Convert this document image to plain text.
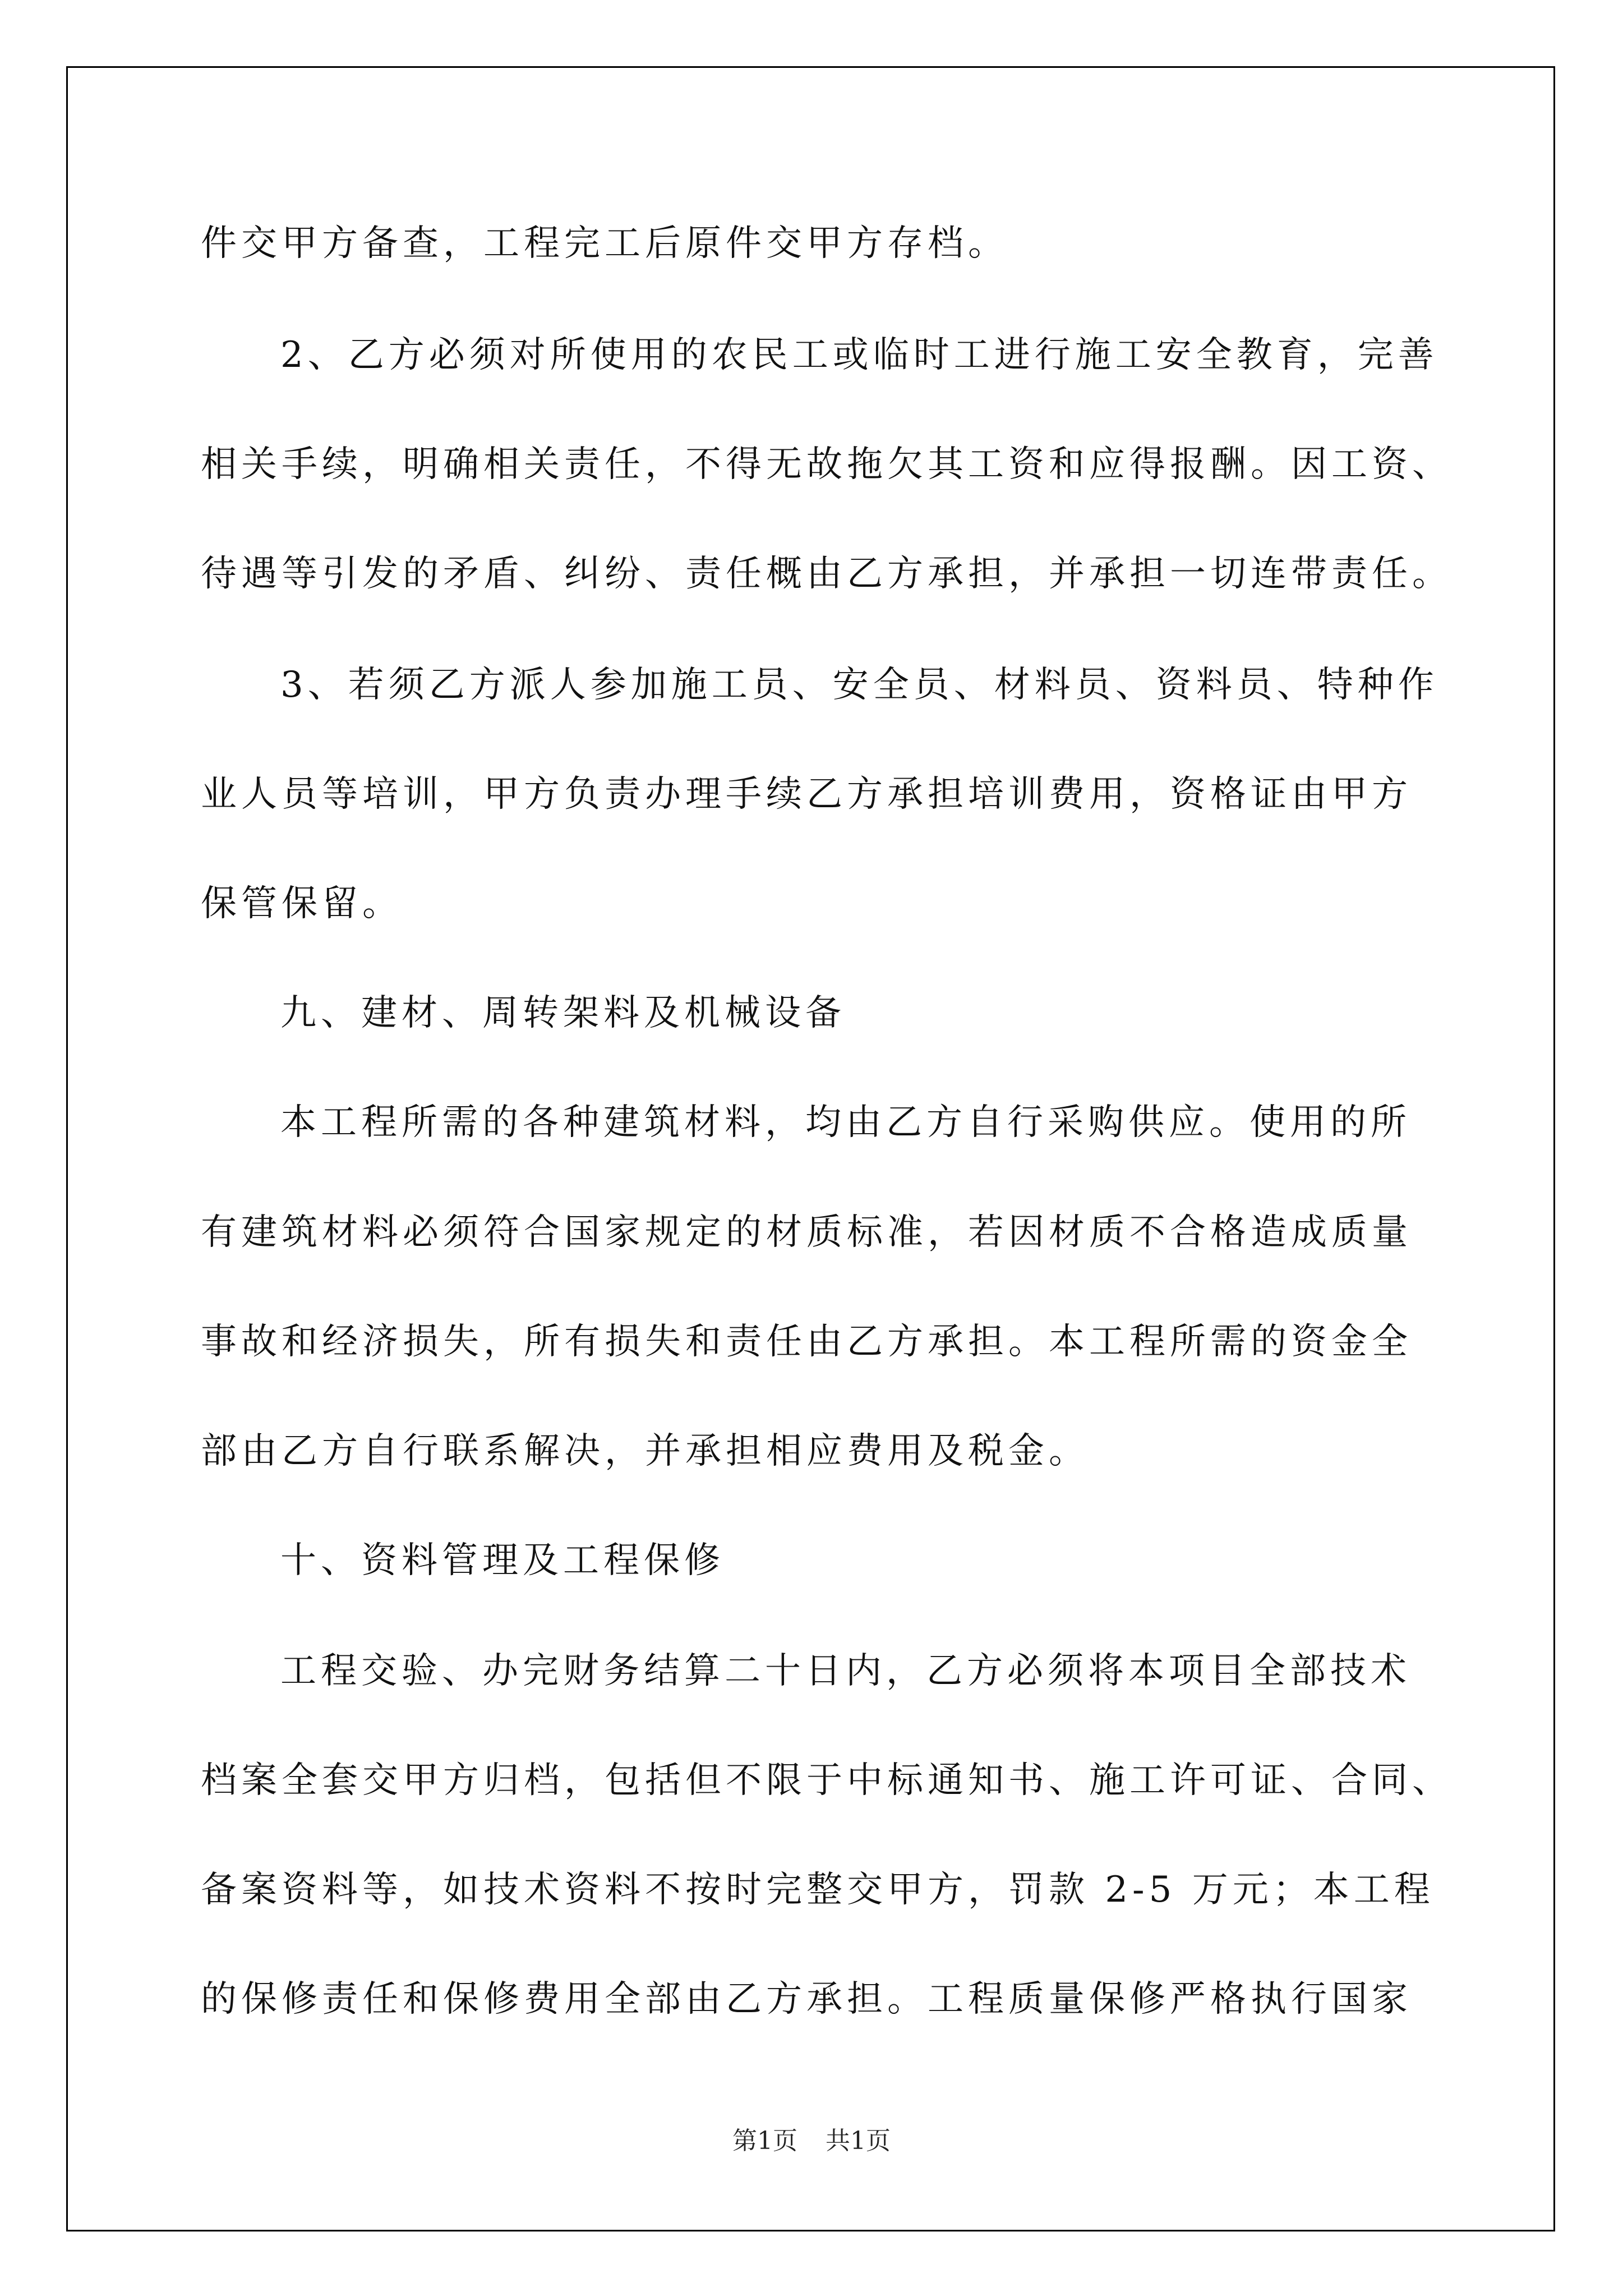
件交甲方备查，工程完工后原件交甲方存档。
2、乙方必须对所使用的农民工或临时工进行施工安全教育，完善
相关手续，明确相关责任，不得无故拖欠其工资和应得报酬。因工资、
待遇等引发的矛盾、纠纷、责任概由乙方承担，并承担一切连带责任。
3、若须乙方派人参加施工员、安全员、材料员、资料员、特种作
业人员等培训，甲方负责办理手续乙方承担培训费用，资格证由甲方
保管保留。
九、建材、周转架料及机械设备
本工程所需的各种建筑材料，均由乙方自行采购供应。使用的所
有建筑材料必须符合国家规定的材质标准，若因材质不合格造成质量
事故和经济损失，所有损失和责任由乙方承担。本工程所需的资金全
部由乙方自行联系解决，并承担相应费用及税金。
十、资料管理及工程保修
工程交验、办完财务结算二十日内，乙方必须将本项目全部技术
档案全套交甲方归档，包括但不限于中标通知书、施工许可证、合同、
备案资料等，如技术资料不按时完整交甲方，罚款 2-5 万元；本工程
的保修责任和保修费用全部由乙方承担。工程质量保修严格执行国家
第1页 共1页
